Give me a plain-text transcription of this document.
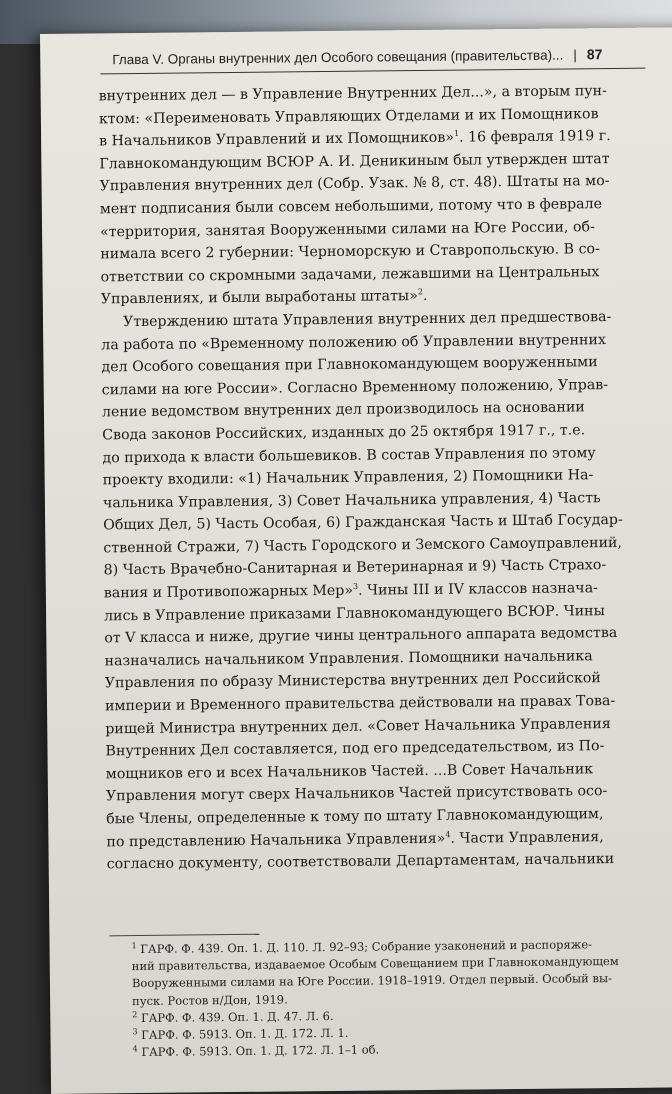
Глава V. Органы внутренних дел Особого совещания (правительства)... | 87
внутренних дел — в Управление Внутренних Дел...», а вторым пун-
ктом: «Переименовать Управляющих Отделами и их Помощников
в Начальников Управлений и их Помощников»$^1$. 16 февраля 1919 г.
Главнокомандующим ВСЮР А. И. Деникиным был утвержден штат
Управления внутренних дел (Собр. Узак. № 8, ст. 48). Штаты на мо-
мент подписания были совсем небольшими, потому что в феврале
«территория, занятая Вооруженными силами на Юге России, об-
нимала всего 2 губернии: Черноморскую и Ставропольскую. В со-
ответствии со скромными задачами, лежавшими на Центральных
Управлениях, и были выработаны штаты»$^2$.
Утверждению штата Управления внутренних дел предшествова-
ла работа по «Временному положению об Управлении внутренних
дел Особого совещания при Главнокомандующем вооруженными
силами на юге России». Согласно Временному положению, Управ-
ление ведомством внутренних дел производилось на основании
Свода законов Российских, изданных до 25 октября 1917 г., т.е.
до прихода к власти большевиков. В состав Управления по этому
проекту входили: «1) Начальник Управления, 2) Помощники На-
чальника Управления, 3) Совет Начальника управления, 4) Часть
Общих Дел, 5) Часть Особая, 6) Гражданская Часть и Штаб Государ-
ственной Стражи, 7) Часть Городского и Земского Самоуправлений,
8) Часть Врачебно-Санитарная и Ветеринарная и 9) Часть Страхо-
вания и Противопожарных Мер»$^3$. Чины III и IV классов назнача-
лись в Управление приказами Главнокомандующего ВСЮР. Чины
от V класса и ниже, другие чины центрального аппарата ведомства
назначались начальником Управления. Помощники начальника
Управления по образу Министерства внутренних дел Российской
империи и Временного правительства действовали на правах Това-
рищей Министра внутренних дел. «Совет Начальника Управления
Внутренних Дел составляется, под его председательством, из По-
мощников его и всех Начальников Частей. ...В Совет Начальник
Управления могут сверх Начальников Частей присутствовать осо-
бые Члены, определенные к тому по штату Главнокомандующим,
по представлению Начальника Управления»$^4$. Части Управления,
согласно документу, соответствовали Департаментам, начальники
$^1$ ГАРФ. Ф. 439. Оп. 1. Д. 110. Л. 92–93; Собрание узаконений и распоряже-
ний правительства, издаваемое Особым Совещанием при Главнокомандующем
Вооруженными силами на Юге России. 1918–1919. Отдел первый. Особый вы-
пуск. Ростов н/Дон, 1919.
$^2$ ГАРФ. Ф. 439. Оп. 1. Д. 47. Л. 6.
$^3$ ГАРФ. Ф. 5913. Оп. 1. Д. 172. Л. 1.
$^4$ ГАРФ. Ф. 5913. Оп. 1. Д. 172. Л. 1–1 об.
